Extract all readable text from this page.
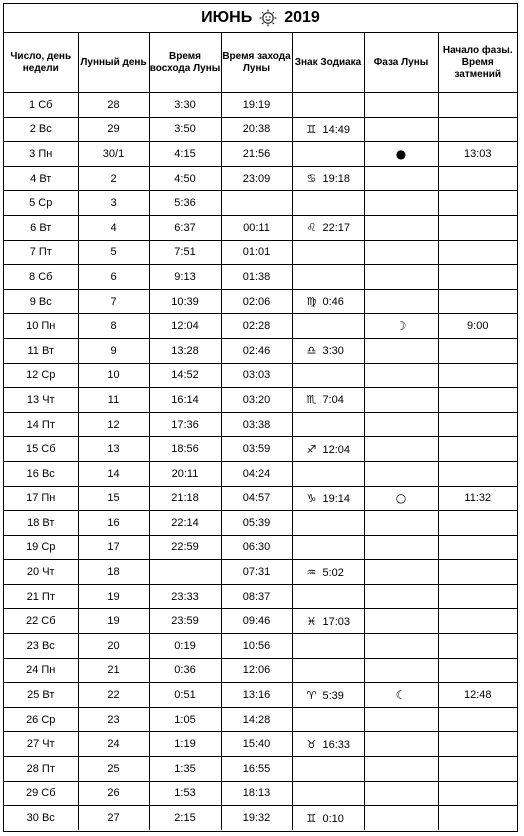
ИЮНЬ 2019
Число, день недели	Лунный день	Время восхода Луны	Время захода Луны	Знак Зодиака	Фаза Луны	Начало фазы. Время затмений
1 Сб	28	3:30	19:19			
2 Вс	29	3:50	20:38	♊ 14:49		
3 Пн	30/1	4:15	21:56		●	13:03
4 Вт	2	4:50	23:09	♋ 19:18		
5 Ср	3	5:36				
6 Вт	4	6:37	00:11	♌ 22:17		
7 Пт	5	7:51	01:01			
8 Сб	6	9:13	01:38			
9 Вс	7	10:39	02:06	♍ 0:46		
10 Пн	8	12:04	02:28		☽	9:00
11 Вт	9	13:28	02:46	♎ 3:30		
12 Ср	10	14:52	03:03			
13 Чт	11	16:14	03:20	♏ 7:04		
14 Пт	12	17:36	03:38			
15 Сб	13	18:56	03:59	♐ 12:04		
16 Вс	14	20:11	04:24			
17 Пн	15	21:18	04:57	♑ 19:14	○	11:32
18 Вт	16	22:14	05:39			
19 Ср	17	22:59	06:30			
20 Чт	18		07:31	♒ 5:02		
21 Пт	19	23:33	08:37			
22 Сб	19	23:59	09:46	♓ 17:03		
23 Вс	20	0:19	10:56			
24 Пн	21	0:36	12:06			
25 Вт	22	0:51	13:16	♈ 5:39	☾	12:48
26 Ср	23	1:05	14:28			
27 Чт	24	1:19	15:40	♉ 16:33		
28 Пт	25	1:35	16:55			
29 Сб	26	1:53	18:13			
30 Вс	27	2:15	19:32	♊ 0:10		
